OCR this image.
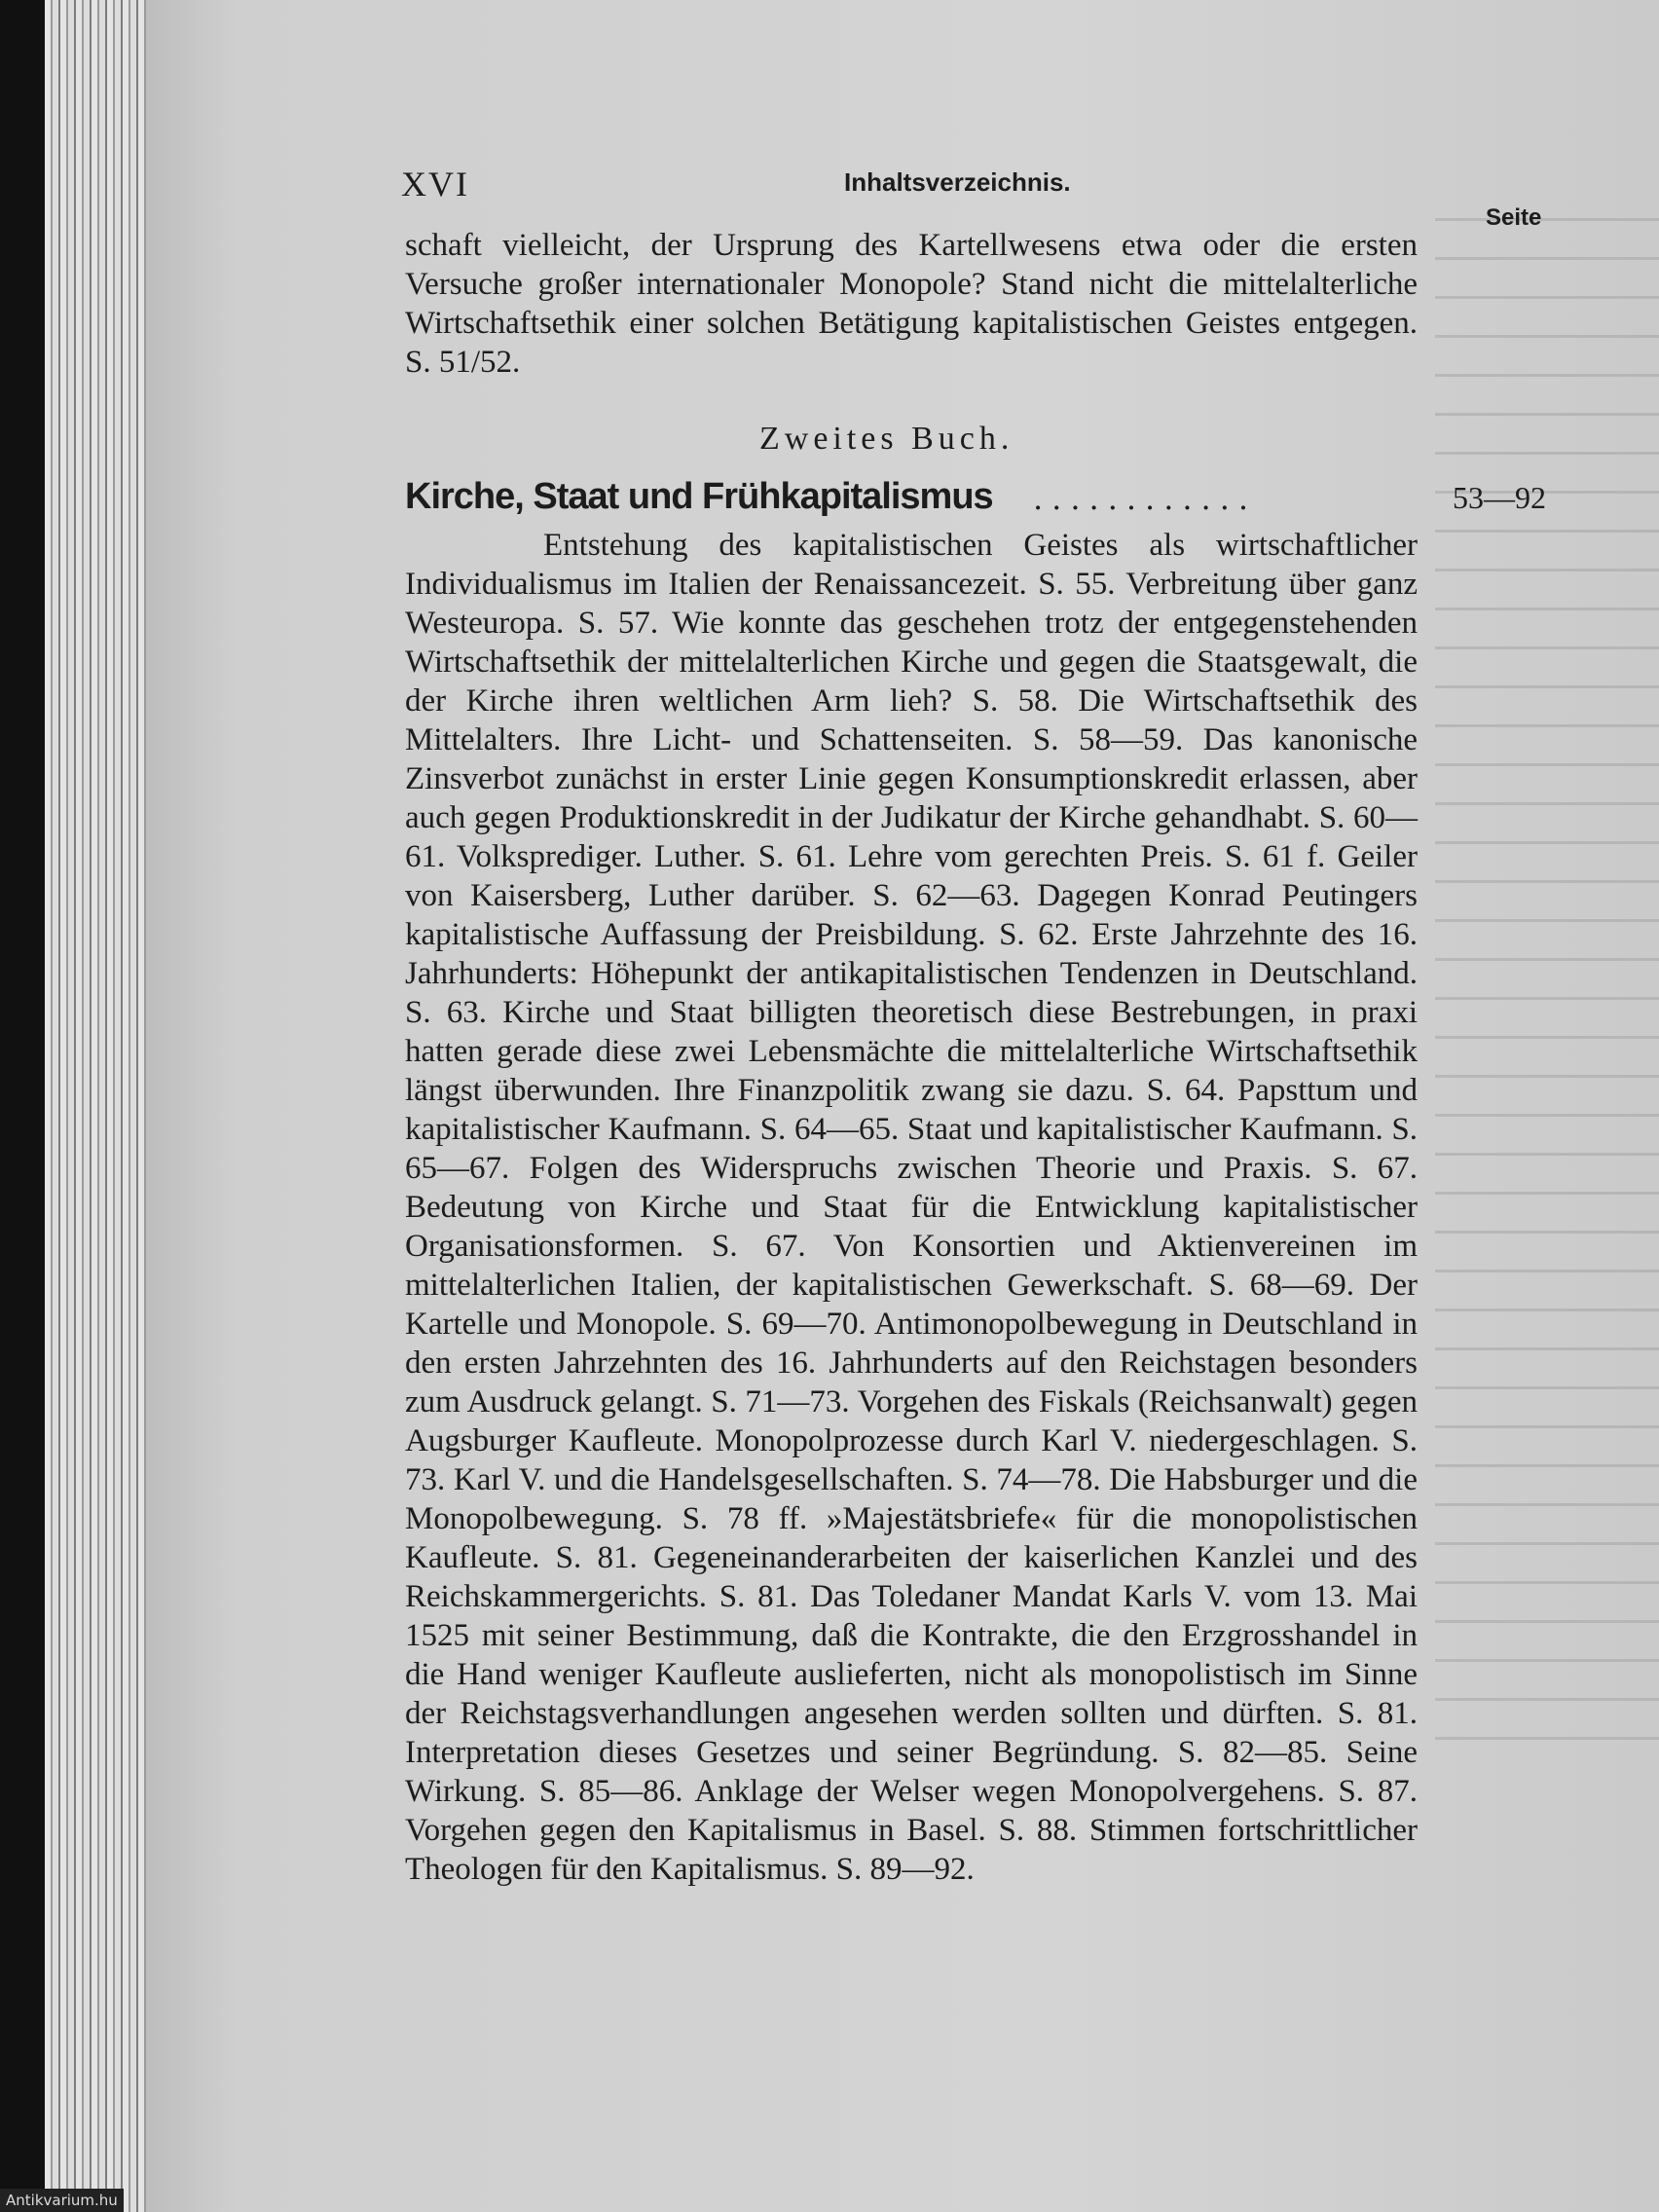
XVI	Inhaltsverzeichnis.
Seite

schaft vielleicht, der Ursprung des Kartellwesens etwa oder die ersten Versuche großer internationaler Monopole? Stand nicht die mittelalterliche Wirtschaftsethik einer solchen Betätigung kapitalistischen Geistes entgegen. S. 51/52.

Zweites Buch.
Kirche, Staat und Frühkapitalismus ............	53—92

Entstehung des kapitalistischen Geistes als wirtschaftlicher Individualismus im Italien der Renaissancezeit. S. 55. Verbreitung über ganz Westeuropa. S. 57. Wie konnte das geschehen trotz der entgegenstehenden Wirtschaftsethik der mittelalterlichen Kirche und gegen die Staatsgewalt, die der Kirche ihren weltlichen Arm lieh? S. 58. Die Wirtschaftsethik des Mittelalters. Ihre Licht- und Schattenseiten. S. 58—59. Das kanonische Zinsverbot zunächst in erster Linie gegen Konsumptionskredit erlassen, aber auch gegen Produktionskredit in der Judikatur der Kirche gehandhabt. S. 60—61. Volksprediger. Luther. S. 61. Lehre vom gerechten Preis. S. 61 f. Geiler von Kaisersberg, Luther darüber. S. 62—63. Dagegen Konrad Peutingers kapitalistische Auffassung der Preisbildung. S. 62. Erste Jahrzehnte des 16. Jahrhunderts: Höhepunkt der antikapitalistischen Tendenzen in Deutschland. S. 63. Kirche und Staat billigten theoretisch diese Bestrebungen, in praxi hatten gerade diese zwei Lebensmächte die mittelalterliche Wirtschaftsethik längst überwunden. Ihre Finanzpolitik zwang sie dazu. S. 64. Papsttum und kapitalistischer Kaufmann. S. 64—65. Staat und kapitalistischer Kaufmann. S. 65—67. Folgen des Widerspruchs zwischen Theorie und Praxis. S. 67. Bedeutung von Kirche und Staat für die Entwicklung kapitalistischer Organisationsformen. S. 67. Von Konsortien und Aktienvereinen im mittelalterlichen Italien, der kapitalistischen Gewerkschaft. S. 68—69. Der Kartelle und Monopole. S. 69—70. Antimonopolbewegung in Deutschland in den ersten Jahrzehnten des 16. Jahrhunderts auf den Reichstagen besonders zum Ausdruck gelangt. S. 71—73. Vorgehen des Fiskals (Reichsanwalt) gegen Augsburger Kaufleute. Monopolprozesse durch Karl V. niedergeschlagen. S. 73. Karl V. und die Handelsgesellschaften. S. 74—78. Die Habsburger und die Monopolbewegung. S. 78 ff. »Majestätsbriefe« für die monopolistischen Kaufleute. S. 81. Gegeneinanderarbeiten der kaiserlichen Kanzlei und des Reichskammergerichts. S. 81. Das Toledaner Mandat Karls V. vom 13. Mai 1525 mit seiner Bestimmung, daß die Kontrakte, die den Erzgrosshandel in die Hand weniger Kaufleute auslieferten, nicht als monopolistisch im Sinne der Reichstagsverhandlungen angesehen werden sollten und dürften. S. 81. Interpretation dieses Gesetzes und seiner Begründung. S. 82—85. Seine Wirkung. S. 85—86. Anklage der Welser wegen Monopolvergehens. S. 87. Vorgehen gegen den Kapitalismus in Basel. S. 88. Stimmen fortschrittlicher Theologen für den Kapitalismus. S. 89—92.

Antikvarium.hu
